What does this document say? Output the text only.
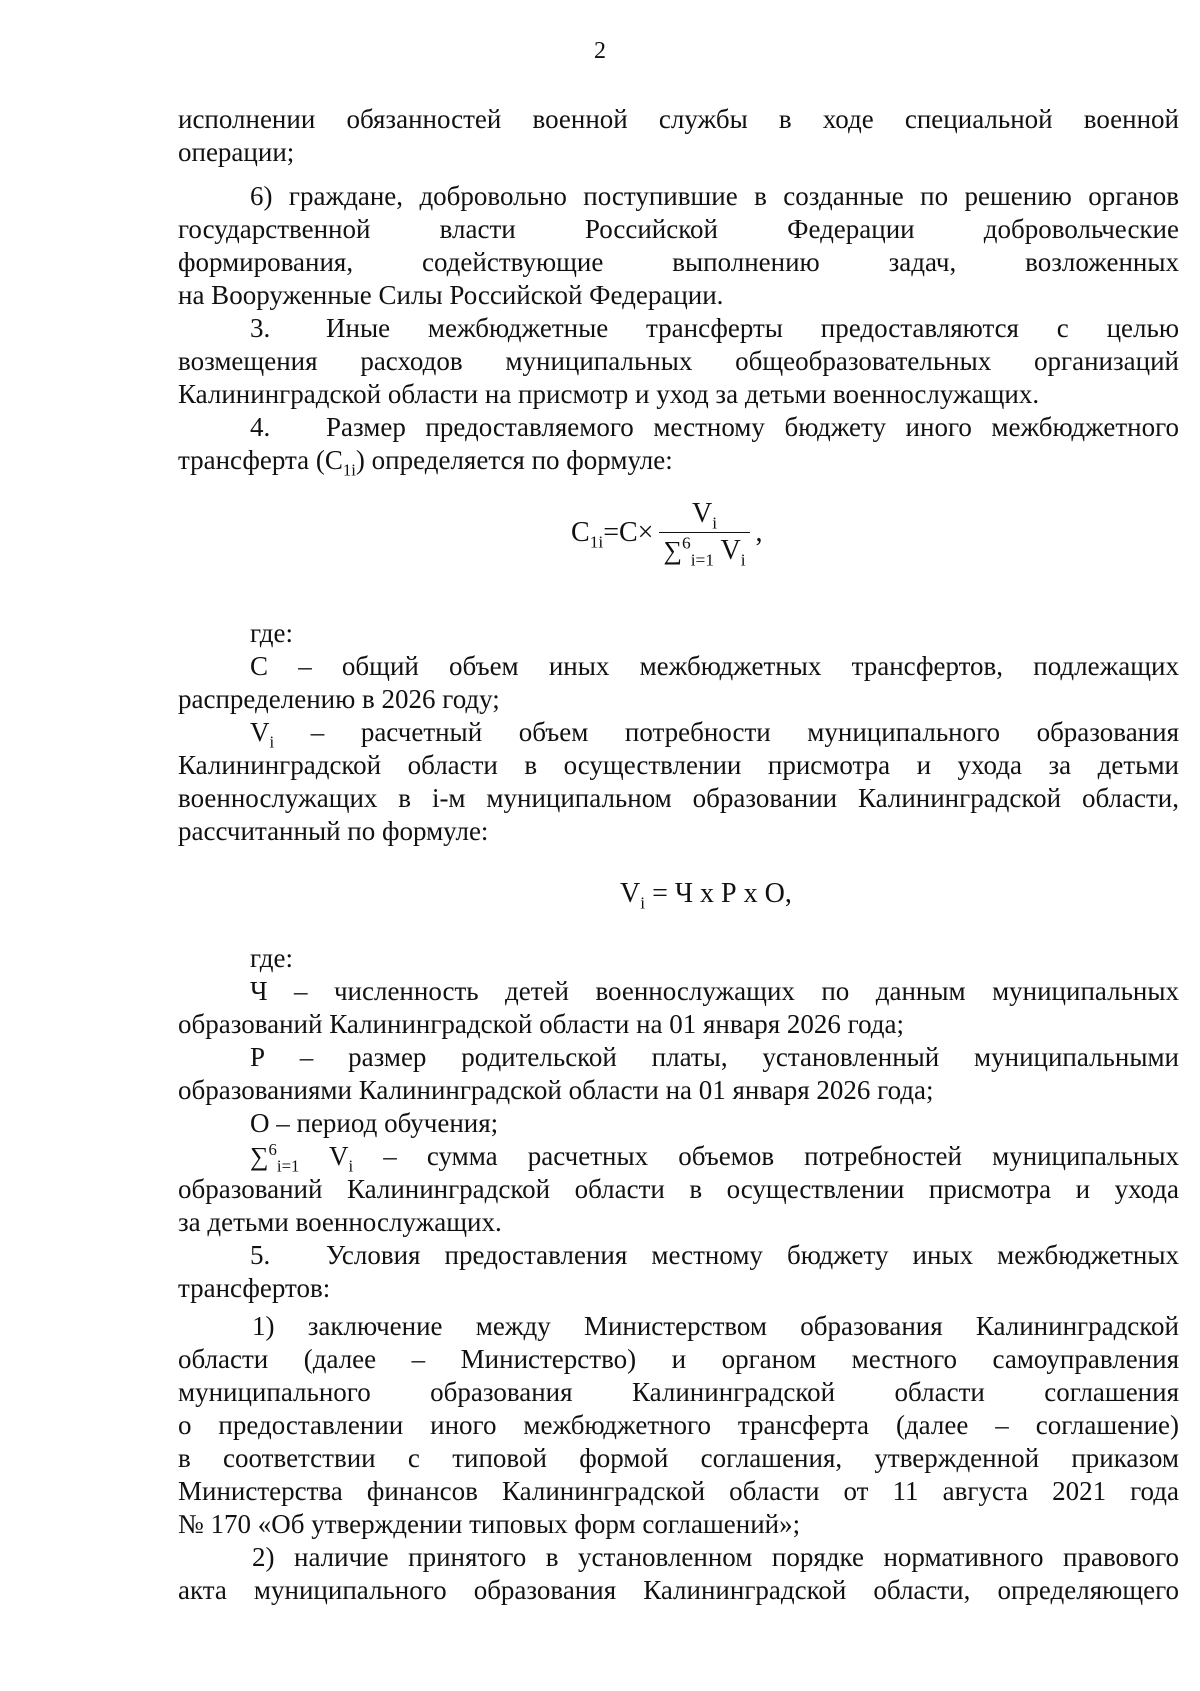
2
исполнении обязанностей военной службы в ходе специальной военной
операции;
6) граждане, добровольно поступившие в созданные по решению органов
государственной власти Российской Федерации добровольческие
формирования, содействующие выполнению задач, возложенных
на Вооруженные Силы Российской Федерации.
3. Иные межбюджетные трансферты предоставляются с целью
возмещения расходов муниципальных общеобразовательных организаций
Калининградской области на присмотр и уход за детьми военнослужащих.
4. Размер предоставляемого местному бюджету иного межбюджетного
трансферта $(C_{1i})$ определяется по формуле:
$C_{1i}=C\times \frac{V_i}{\sum^6_{i=1} V_i}$ ,
где:
С – общий объем иных межбюджетных трансфертов, подлежащих
распределению в 2026 году;
$V_i$ – расчетный объем потребности муниципального образования
Калининградской области в осуществлении присмотра и ухода за детьми
военнослужащих в i-м муниципальном образовании Калининградской области,
рассчитанный по формуле:
$V_i = Ч$ х Р х О,
где:
Ч – численность детей военнослужащих по данным муниципальных
образований Калининградской области на 01 января 2026 года;
Р – размер родительской платы, установленный муниципальными
образованиями Калининградской области на 01 января 2026 года;
О – период обучения;
∑$^6_{i=1}$ $V_i$ – сумма расчетных объемов потребностей муниципальных
образований Калининградской области в осуществлении присмотра и ухода
за детьми военнослужащих.
5. Условия предоставления местному бюджету иных межбюджетных
трансфертов:
1) заключение между Министерством образования Калининградской
области (далее – Министерство) и органом местного самоуправления
муниципального образования Калининградской области соглашения
о предоставлении иного межбюджетного трансферта (далее – соглашение)
в соответствии с типовой формой соглашения, утвержденной приказом
Министерства финансов Калининградской области от 11 августа 2021 года
№ 170 «Об утверждении типовых форм соглашений»;
2) наличие принятого в установленном порядке нормативного правового
акта муниципального образования Калининградской области, определяющего
